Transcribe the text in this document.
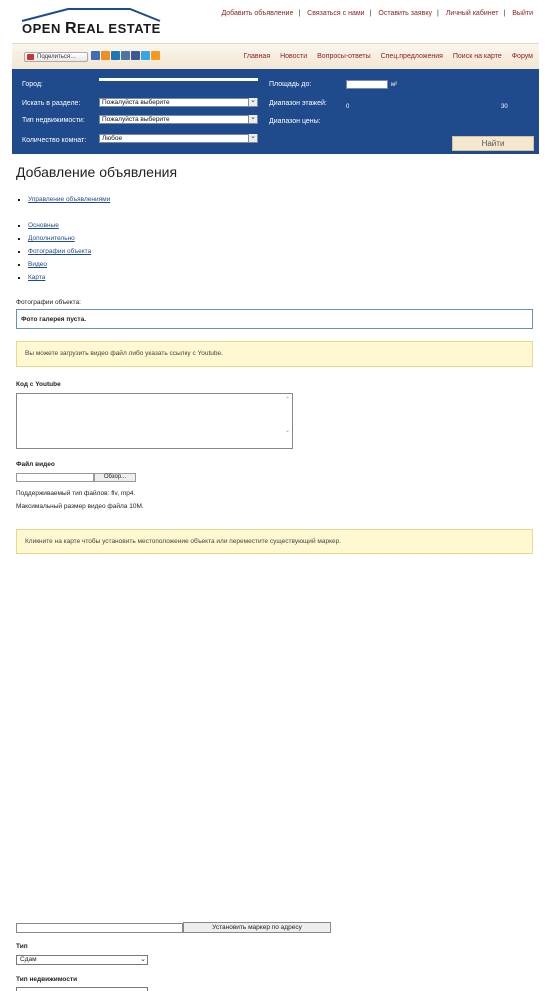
OPEN REAL ESTATE
Добавить объявление | Связаться с нами | Оставить заявку | Личный кабинет | Выйти
Поделиться…	Главная Новости Вопросы-ответы Спец.предложения Поиск на карте Форум
Город:
Искать в разделе:	Пожалуйста выберите ⌄
Тип недвижимости:	Пожалуйста выберите ⌄
Количество комнат:	Любое ⌄
Площадь до:	м²
Диапазон этажей:	0	30
Диапазон цены:
Найти
Добавление объявления
Управление объявлениями
Основные
Дополнительно
Фотографии объекта
Видео
Карта
Фотографии объекта:
Фото галерея пуста.
Вы можете загрузить видео файл либо указать ссылку с Youtube.
Код с Youtube
⌃

⌄
Файл видео
Обзор...
Поддерживаемый тип файлов: flv, mp4.
Максимальный размер видео файла 10М.
Кликните на карте чтобы установить местоположение объекта или переместите существующий маркер.
Установить маркер по адресу
Тип
Сдам	⌄
Тип недвижимости
